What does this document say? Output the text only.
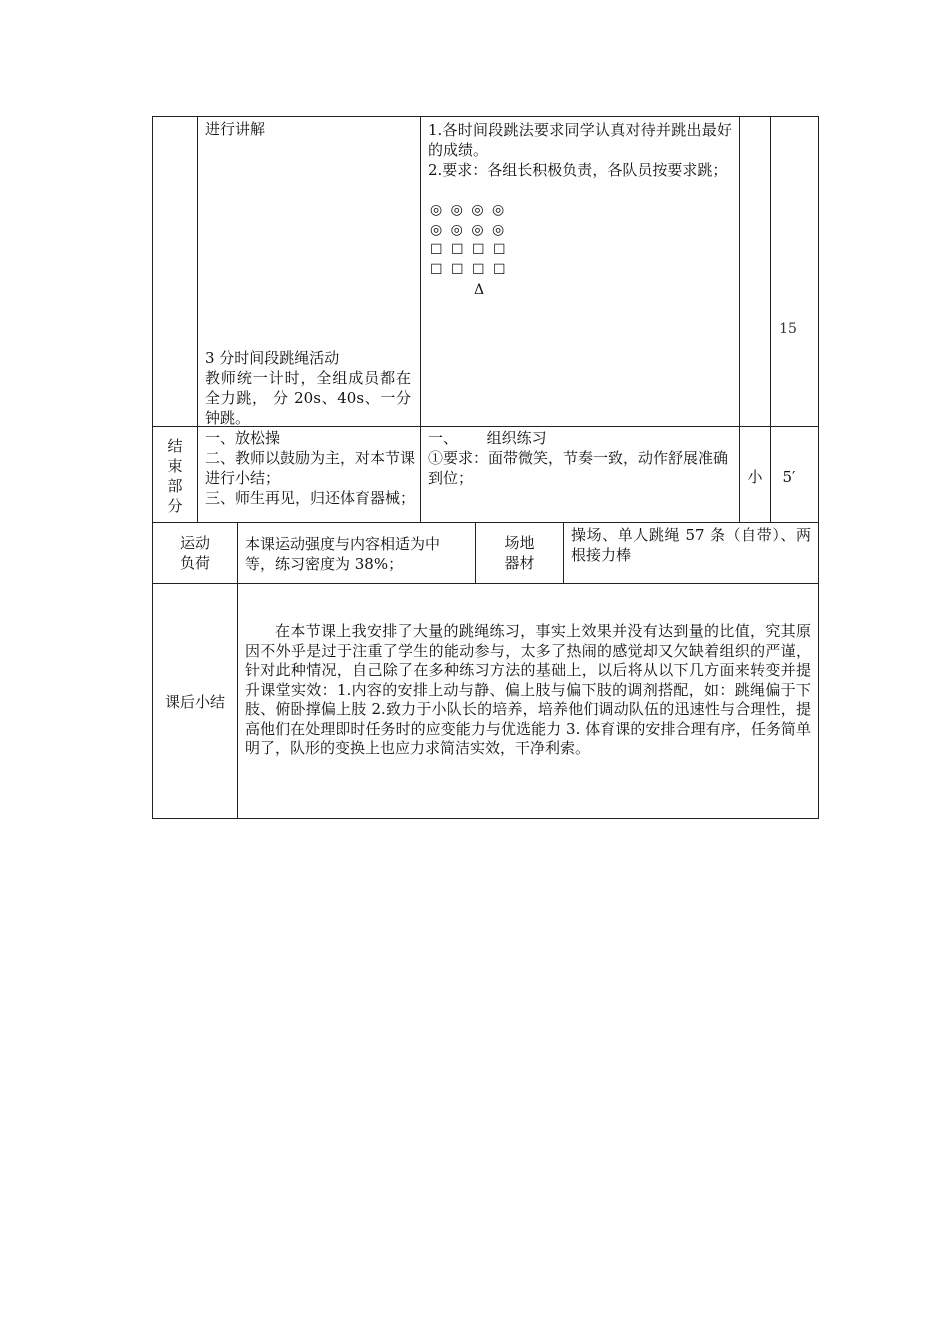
进行讲解
3 分时间段跳绳活动
教师统一计时，全组成员都在全力跳， 分 20s、40s、一分钟跳。
1.各时间段跳法要求同学认真对待并跳出最好的成绩。
2.要求：各组长积极负责，各队员按要求跳；
◎ ◎ ◎ ◎
◎ ◎ ◎ ◎
☐ ☐ ☐ ☐
☐ ☐ ☐ ☐
Δ
15
结
束
部
分
一、放松操
二、教师以鼓励为主，对本节课进行小结；
三、师生再见，归还体育器械；
一、      组织练习
①要求：面带微笑，节奏一致，动作舒展准确到位；	小	5′
运动
负荷
本课运动强度与内容相适为中等，练习密度为 38%；
场地
器材
操场、单人跳绳 57 条（自带）、两根接力棒
课后小结
在本节课上我安排了大量的跳绳练习，事实上效果并没有达到量的比值，究其原因不外乎是过于注重了学生的能动参与，太多了热闹的感觉却又欠缺着组织的严谨，针对此种情况，自己除了在多种练习方法的基础上，以后将从以下几方面来转变并提升课堂实效：1.内容的安排上动与静、偏上肢与偏下肢的调剂搭配，如：跳绳偏于下肢、俯卧撑偏上肢 2.致力于小队长的培养，培养他们调动队伍的迅速性与合理性，提高他们在处理即时任务时的应变能力与优选能力 3. 体育课的安排合理有序，任务简单明了，队形的变换上也应力求简洁实效，干净利索。
